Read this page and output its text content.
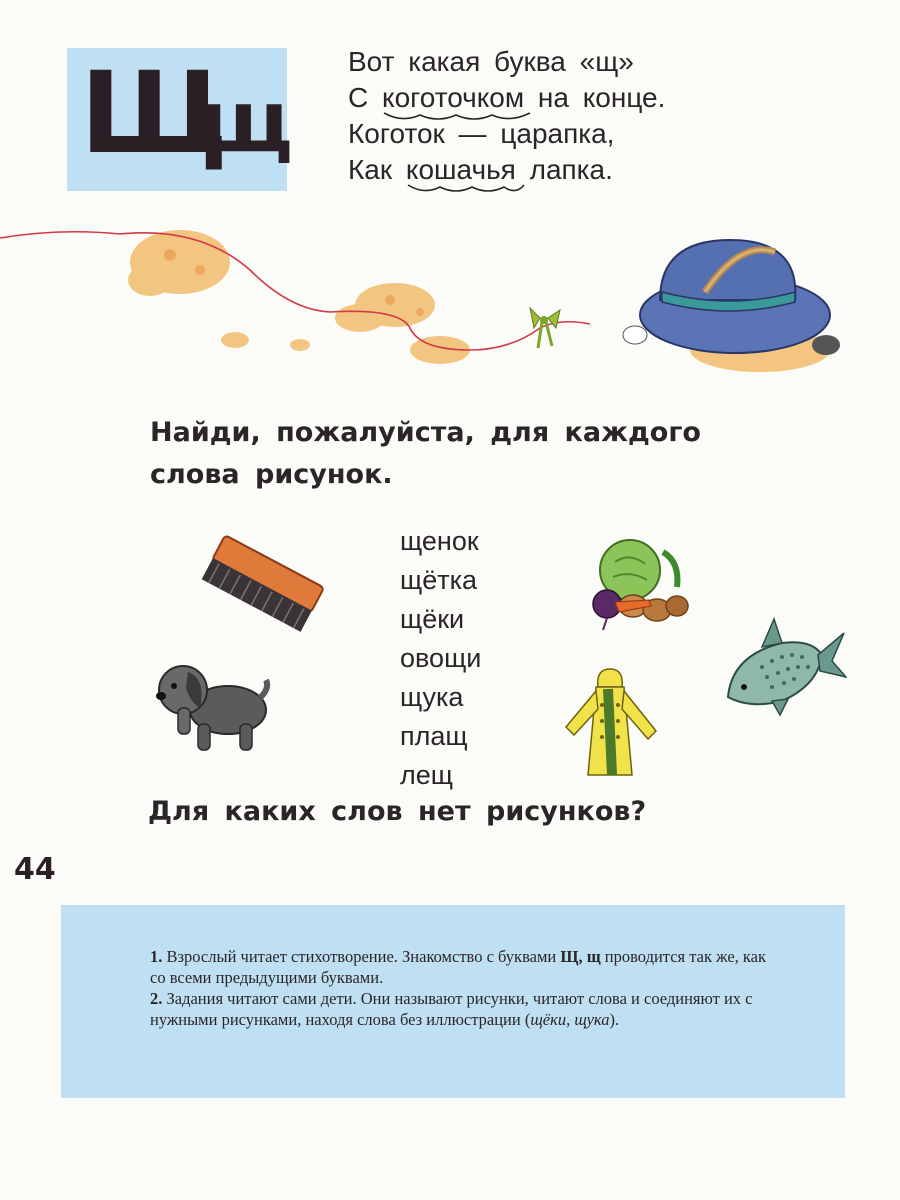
Щ
щ
Вот какая буква «щ»
С коготочком
на конце.
Коготок — царапка,
Как кошачья
лапка.
Найди, пожалуйста, для каждого
слова рисунок.
щенок
щётка
щёки
овощи
щука
плащ
лещ
Для каких слов нет рисунков?
44
1. Взрослый читает стихотворение. Знакомство с буквами Щ, щ проводится так же, как со всеми предыдущими буквами.
2. Задания читают сами дети. Они называют рисунки, читают слова и соединяют их с нужными рисунками, находя слова без иллюстрации (щёки, щука).
